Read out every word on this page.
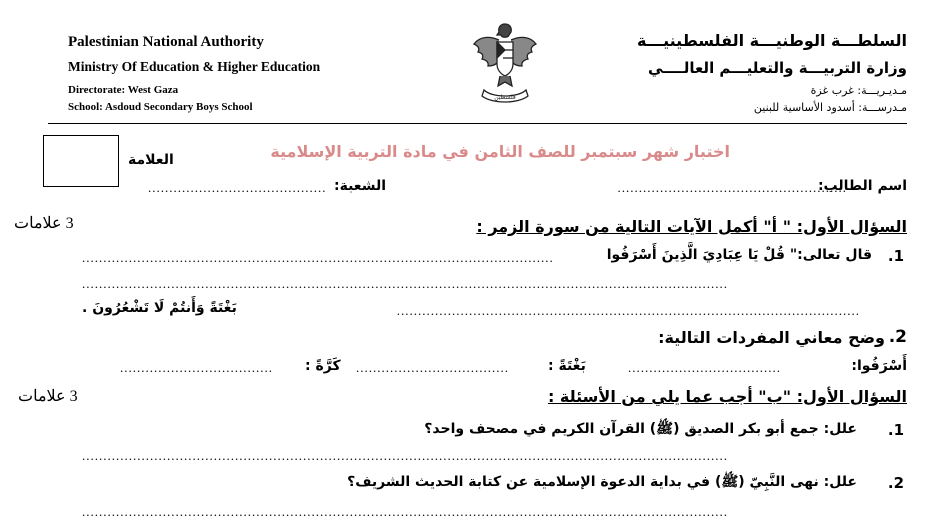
Palestinian National Authority
Ministry Of Education & Higher Education
Directorate: West Gaza
School: Asdoud Secondary Boys School
فلسطين
السلطـــة الوطنيـــة الفلسطينيـــة
وزارة التربيـــة والتعليـــم العالــــي
مـديـريـــة: غرب غزة
مـدرســـة: أسدود الأساسية للبنين
العلامة	اختبار شهر سبتمبر للصف الثامن في مادة التربية الإسلامية
اسم الطالب:
......................................................
الشعبة:
..........................................
السؤال الأول: " أ" أكمل الآيات التالية من سورة الزمر :
3 علامات
1.
قال تعالى:" قُلْ يَا عِبَادِيَ الَّذِينَ أَسْرَفُوا
...............................................................................................................
........................................................................................................................................................
.............................................................................................................
بَغْتَةً وَأَنتُمْ لَا تَشْعُرُونَ .
2.
وضح معاني المفردات التالية:
أَسْرَفُوا:
....................................
بَغْتَةً :
....................................
كَرَّةً :
....................................
السؤال الأول: "ب" أجب عما يلي من الأسئلة :
3 علامات
1.
علل: جمع أبو بكر الصديق (ﷺ) القرآن الكريم في مصحف واحد؟
........................................................................................................................................................
2.
علل: نهى النَّبِيّ (ﷺ) في بداية الدعوة الإسلامية عن كتابة الحديث الشريف؟
........................................................................................................................................................
